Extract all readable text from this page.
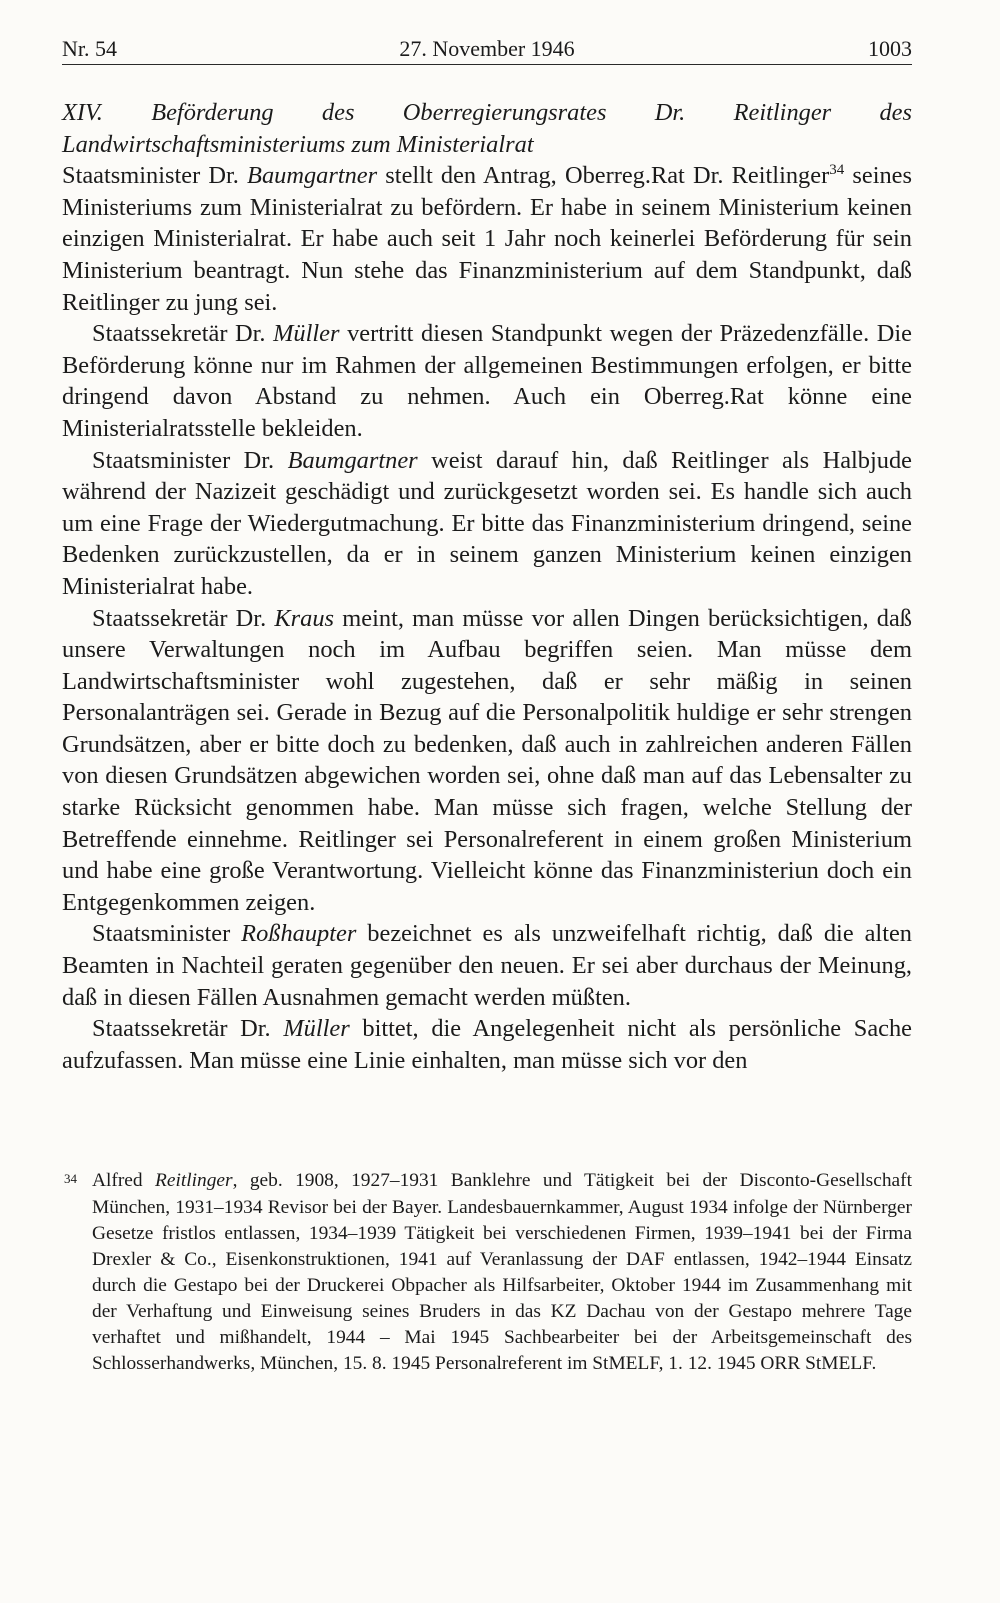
Nr. 54	27. November 1946	1003

XIV. Beförderung des Oberregierungsrates Dr. Reitlinger des Landwirtschaftsministeriums zum Ministerialrat

Staatsminister Dr. Baumgartner stellt den Antrag, Oberreg.Rat Dr. Reitlinger$^{34}$ seines Ministeriums zum Ministerialrat zu befördern. Er habe in seinem Ministerium keinen einzigen Ministerialrat. Er habe auch seit 1 Jahr noch keinerlei Beförderung für sein Ministerium beantragt. Nun stehe das Finanzministerium auf dem Standpunkt, daß Reitlinger zu jung sei.

Staatssekretär Dr. Müller vertritt diesen Standpunkt wegen der Präzedenzfälle. Die Beförderung könne nur im Rahmen der allgemeinen Bestimmungen erfolgen, er bitte dringend davon Abstand zu nehmen. Auch ein Oberreg.Rat könne eine Ministerialratsstelle bekleiden.

Staatsminister Dr. Baumgartner weist darauf hin, daß Reitlinger als Halbjude während der Nazizeit geschädigt und zurückgesetzt worden sei. Es handle sich auch um eine Frage der Wiedergutmachung. Er bitte das Finanzministerium dringend, seine Bedenken zurückzustellen, da er in seinem ganzen Ministerium keinen einzigen Ministerialrat habe.

Staatssekretär Dr. Kraus meint, man müsse vor allen Dingen berücksichtigen, daß unsere Verwaltungen noch im Aufbau begriffen seien. Man müsse dem Landwirtschaftsminister wohl zugestehen, daß er sehr mäßig in seinen Personalanträgen sei. Gerade in Bezug auf die Personalpolitik huldige er sehr strengen Grundsätzen, aber er bitte doch zu bedenken, daß auch in zahlreichen anderen Fällen von diesen Grundsätzen abgewichen worden sei, ohne daß man auf das Lebensalter zu starke Rücksicht genommen habe. Man müsse sich fragen, welche Stellung der Betreffende einnehme. Reitlinger sei Personalreferent in einem großen Ministerium und habe eine große Verantwortung. Vielleicht könne das Finanzministeriun doch ein Entgegenkommen zeigen.

Staatsminister Roßhaupter bezeichnet es als unzweifelhaft richtig, daß die alten Beamten in Nachteil geraten gegenüber den neuen. Er sei aber durchaus der Meinung, daß in diesen Fällen Ausnahmen gemacht werden müßten.

Staatssekretär Dr. Müller bittet, die Angelegenheit nicht als persönliche Sache aufzufassen. Man müsse eine Linie einhalten, man müsse sich vor den

34 Alfred Reitlinger, geb. 1908, 1927–1931 Banklehre und Tätigkeit bei der Disconto-Gesellschaft München, 1931–1934 Revisor bei der Bayer. Landesbauernkammer, August 1934 infolge der Nürnberger Gesetze fristlos entlassen, 1934–1939 Tätigkeit bei verschiedenen Firmen, 1939–1941 bei der Firma Drexler & Co., Eisenkonstruktionen, 1941 auf Veranlassung der DAF entlassen, 1942–1944 Einsatz durch die Gestapo bei der Druckerei Obpacher als Hilfsarbeiter, Oktober 1944 im Zusammenhang mit der Verhaftung und Einweisung seines Bruders in das KZ Dachau von der Gestapo mehrere Tage verhaftet und mißhandelt, 1944 – Mai 1945 Sachbearbeiter bei der Arbeitsgemeinschaft des Schlosserhandwerks, München, 15. 8. 1945 Personalreferent im StMELF, 1. 12. 1945 ORR StMELF.
